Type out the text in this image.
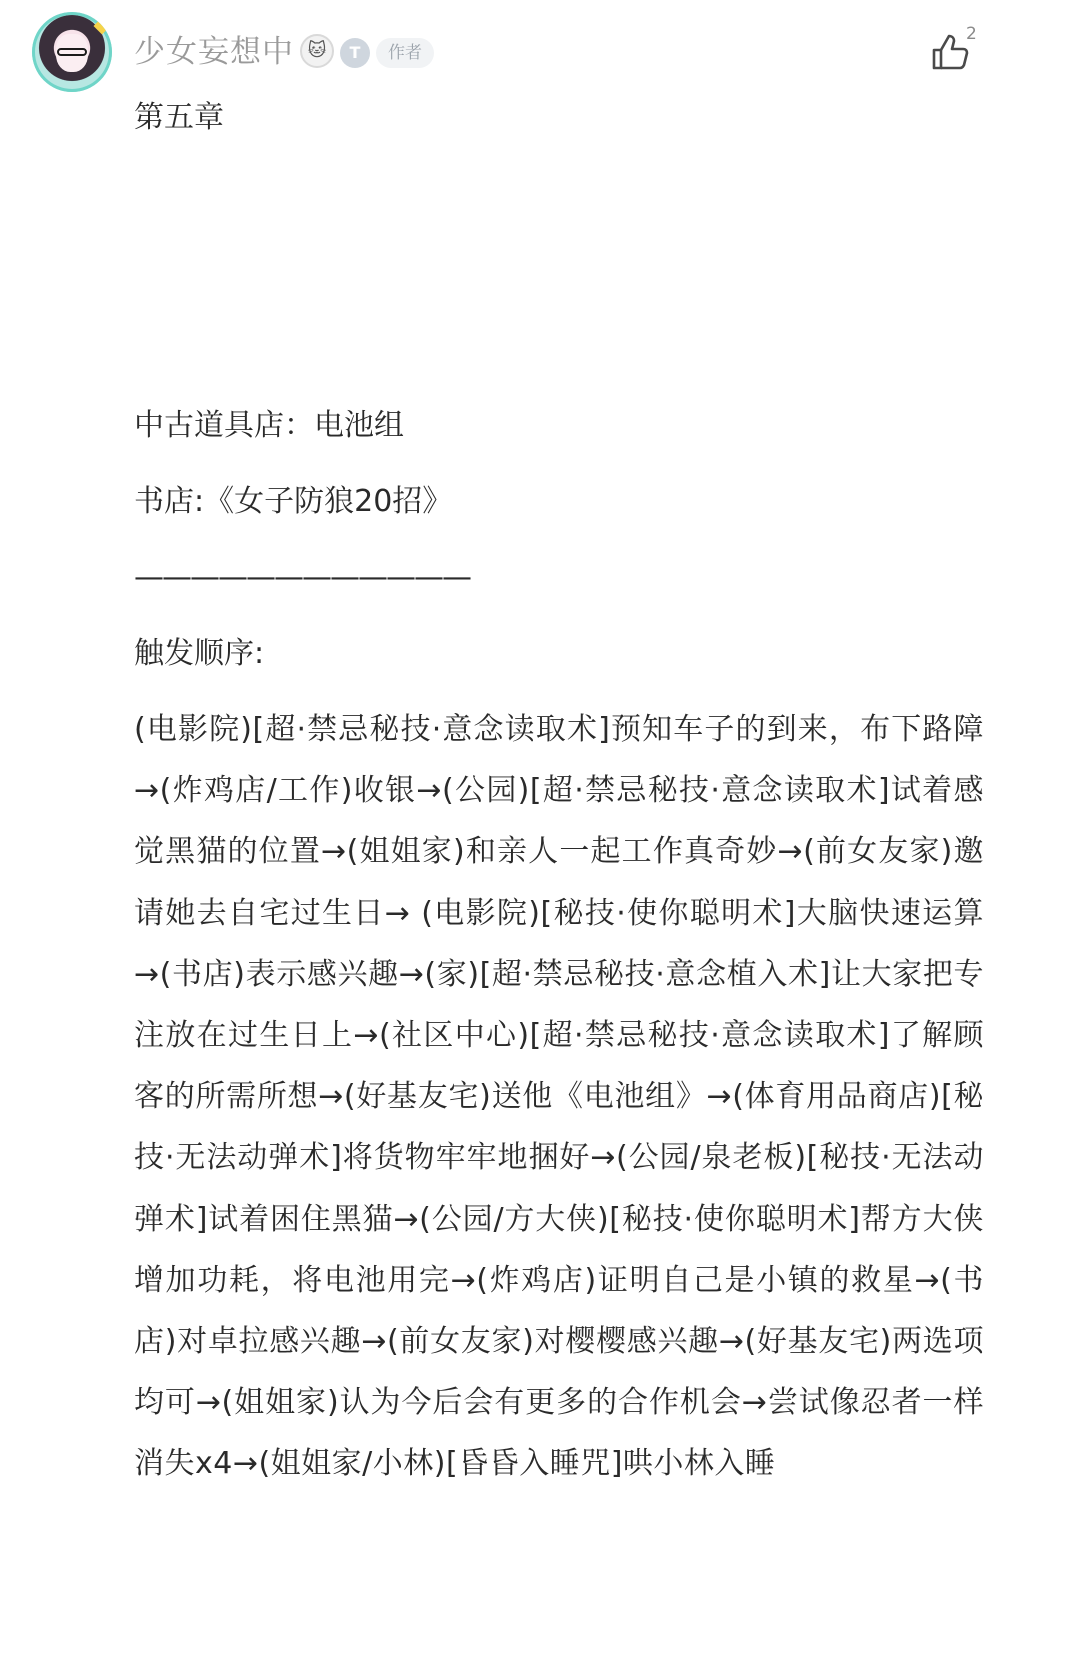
少女妄想中 🐱	T	作者
2

第五章

中古道具店：电池组

书店:《女子防狼20招》

————————————

触发顺序:

(电影院)[超·禁忌秘技·意念读取术]预知车子的到来，布下路障→(炸鸡店/工作)收银→(公园)[超·禁忌秘技·意念读取术]试着感觉黑猫的位置→(姐姐家)和亲人一起工作真奇妙→(前女友家)邀请她去自宅过生日→ (电影院)[秘技·使你聪明术]大脑快速运算→(书店)表示感兴趣→(家)[超·禁忌秘技·意念植入术]让大家把专注放在过生日上→(社区中心)[超·禁忌秘技·意念读取术]了解顾客的所需所想→(好基友宅)送他《电池组》→(体育用品商店)[秘技·无法动弹术]将货物牢牢地捆好→(公园/泉老板)[秘技·无法动弹术]试着困住黑猫→(公园/方大侠)[秘技·使你聪明术]帮方大侠增加功耗，将电池用完→(炸鸡店)证明自己是小镇的救星→(书店)对卓拉感兴趣→(前女友家)对樱樱感兴趣→(好基友宅)两选项均可→(姐姐家)认为今后会有更多的合作机会→尝试像忍者一样消失x4→(姐姐家/小林)[昏昏入睡咒]哄小林入睡
